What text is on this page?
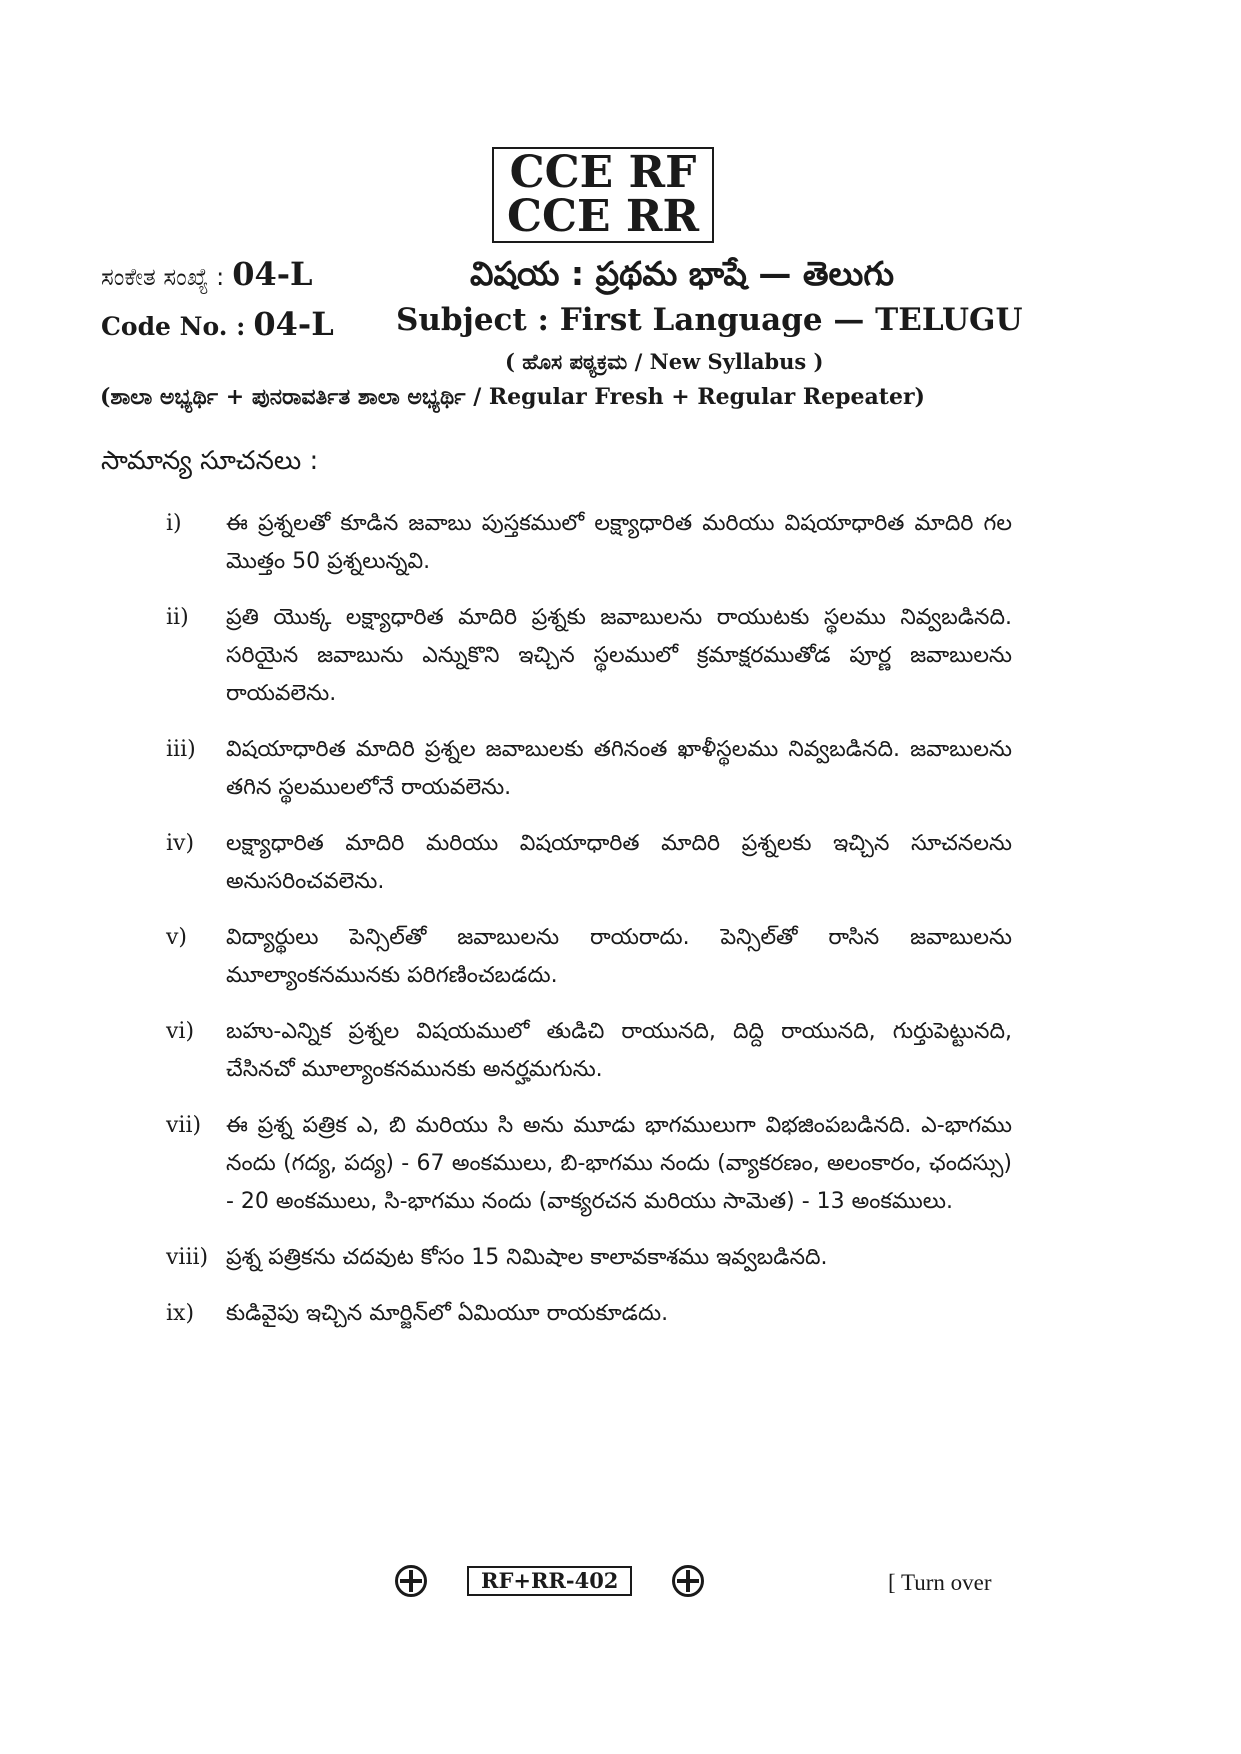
CCE RF
CCE RR
ಸಂಕೇತ ಸಂಖ್ಯೆ : 04-L	విషయ : ప్రథమ భాషే — తెలుగు
Code No. : 04-L Subject : First Language — TELUGU
( ಹೊಸ ಪಠ್ಯಕ್ರಮ / New Syllabus )
(ಶಾಲಾ ಅಭ್ಯರ್ಥಿ + ಪುನರಾವರ್ತಿತ ಶಾಲಾ ಅಭ್ಯರ್ಥಿ / Regular Fresh + Regular Repeater)
సామాన్య సూచనలు :
i)	ఈ ప్రశ్నలతో కూడిన జవాబు పుస్తకములో లక్ష్యాధారిత మరియు విషయాధారిత మాదిరి గల మొత్తం 50 ప్రశ్నలున్నవి.
ii)	ప్రతి యొక్క లక్ష్యాధారిత మాదిరి ప్రశ్నకు జవాబులను రాయుటకు స్థలము నివ్వబడినది. సరియైన జవాబును ఎన్నుకొని ఇచ్చిన స్థలములో క్రమాక్షరముతోడ పూర్ణ జవాబులను రాయవలెను.
iii)	విషయాధారిత మాదిరి ప్రశ్నల జవాబులకు తగినంత ఖాళీస్థలము నివ్వబడినది. జవాబులను తగిన స్థలములలోనే రాయవలెను.
iv)	లక్ష్యాధారిత మాదిరి మరియు విషయాధారిత మాదిరి ప్రశ్నలకు ఇచ్చిన సూచనలను అనుసరించవలెను.
v)	విద్యార్థులు పెన్సిల్‌తో జవాబులను రాయరాదు. పెన్సిల్‌తో రాసిన జవాబులను మూల్యాంకనమునకు పరిగణించబడదు.
vi)	బహు-ఎన్నిక ప్రశ్నల విషయములో తుడిచి రాయునది, దిద్ది రాయునది, గుర్తుపెట్టునది, చేసినచో మూల్యాంకనమునకు అనర్హమగును.
vii)	ఈ ప్రశ్న పత్రిక ఎ, బి మరియు సి అను మూడు భాగములుగా విభజింపబడినది. ఎ-భాగము నందు (గద్య, పద్య) - 67 అంకములు, బి-భాగము నందు (వ్యాకరణం, అలంకారం, ఛందస్సు) - 20 అంకములు, సి-భాగము నందు (వాక్యరచన మరియు సామెత) - 13 అంకములు.
viii) ప్రశ్న పత్రికను చదవుట కోసం 15 నిమిషాల కాలావకాశము ఇవ్వబడినది.
ix)	కుడివైపు ఇచ్చిన మార్జిన్‌లో ఏమియూ రాయకూడదు.
RF+RR-402	[ Turn over
